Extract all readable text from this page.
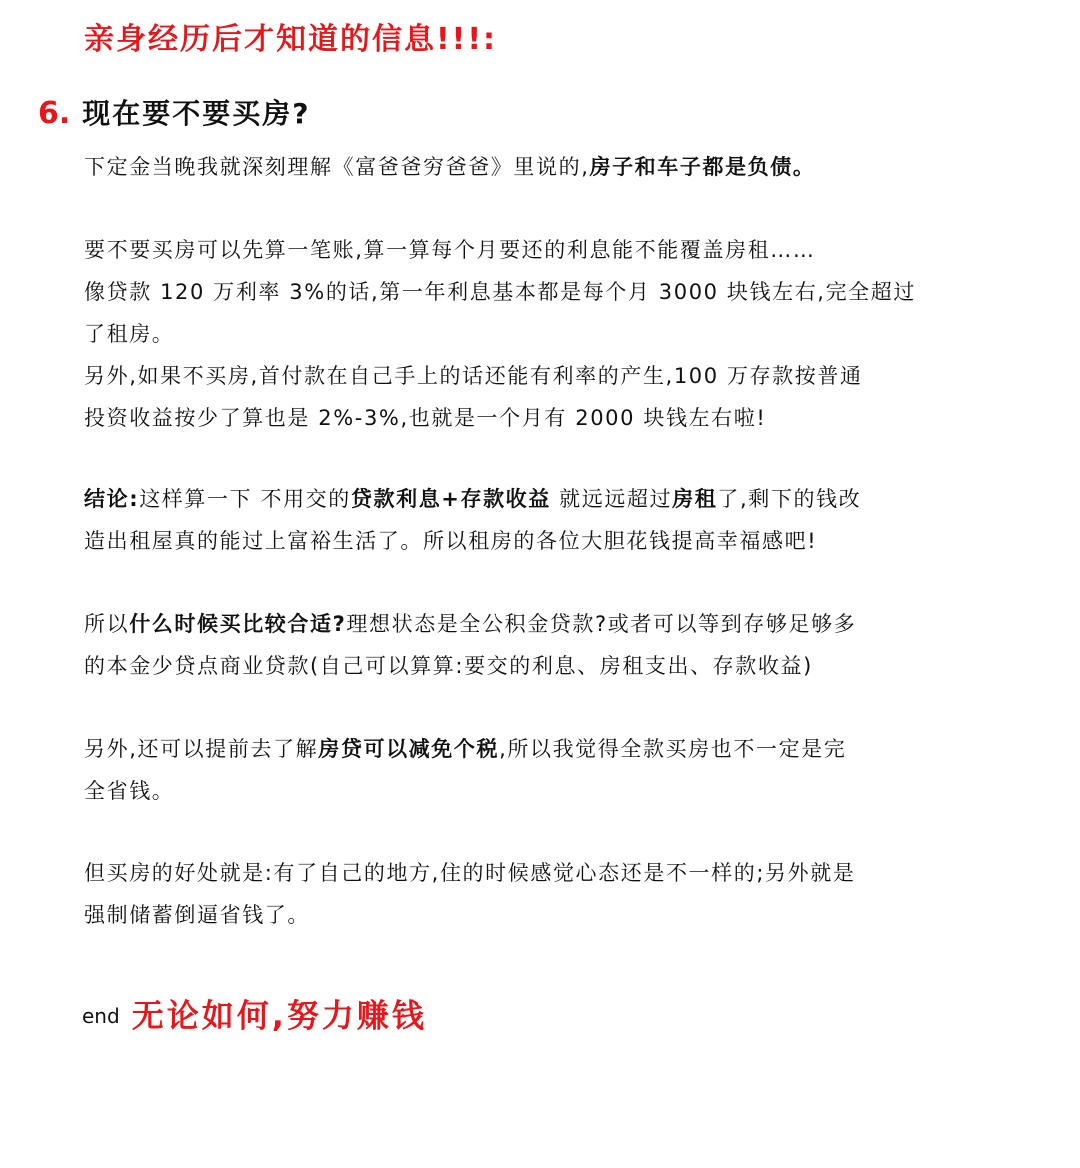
亲身经历后才知道的信息!!!:
6. 现在要不要买房?
下定金当晚我就深刻理解《富爸爸穷爸爸》里说的,房子和车子都是负债。
要不要买房可以先算一笔账,算一算每个月要还的利息能不能覆盖房租……
像贷款 120 万利率 3%的话,第一年利息基本都是每个月 3000 块钱左右,完全超过
了租房。
另外,如果不买房,首付款在自己手上的话还能有利率的产生,100 万存款按普通
投资收益按少了算也是 2%-3%,也就是一个月有 2000 块钱左右啦!
结论:这样算一下 不用交的贷款利息+存款收益 就远远超过房租了,剩下的钱改
造出租屋真的能过上富裕生活了。所以租房的各位大胆花钱提高幸福感吧!
所以什么时候买比较合适?理想状态是全公积金贷款?或者可以等到存够足够多
的本金少贷点商业贷款(自己可以算算:要交的利息、房租支出、存款收益)
另外,还可以提前去了解房贷可以减免个税,所以我觉得全款买房也不一定是完
全省钱。
但买房的好处就是:有了自己的地方,住的时候感觉心态还是不一样的;另外就是
强制储蓄倒逼省钱了。
end 无论如何,努力赚钱
